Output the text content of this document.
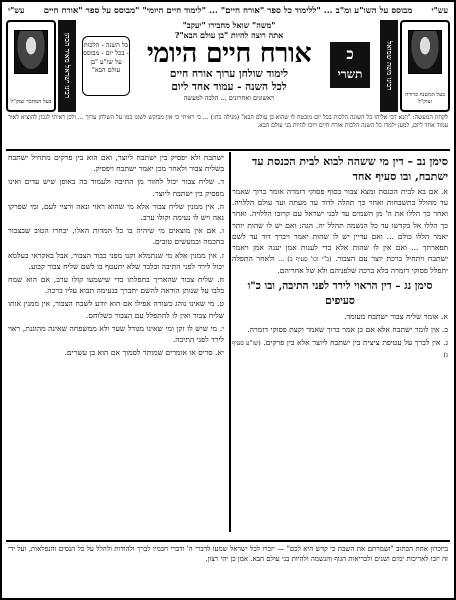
עש"י
מבוסס על השו"ע ומ"ב ... "ללימוד כל ספר "אורח חיים" ... "לימוד חיים היומי" "מבוסס על ספר "אורח חיים
עש"י
בעל המשנה ברורה זצוק"ל
בעל המחבר זצוק"ל
רבינו משה שמואל
רבינו ישראל מאיר הכהן	כ
תשרי
כל השנה - הלכות - בכל יום - מבוסס על שו"ע "בן עולם הבא"
"משה" שואל מחבירו "יעקב"
אתה רוצה להיות "בן עולם הבא"?
אורח חיים היומי
לימוד שולחן ערוך אורח חיים
לכל השנה - עמוד אחד ליום
ראשונים ואחרונים ... הלכה למעשה
לקחת המעשה: "תנא דבי אליהו כל השונה הלכות בכל יום מובטח לו שהוא בן עולם הבא" (מגילה כח:) ... כי ראיתי כי אין מבוקש לשונו כמו על השלחן ערוך ... ולכן ראיתי לנכון להוציא לאור עמוד אחד ליום, למען ילמדו כל השנה הלכות אורח חיים ויזכו להיות בני עולם הבא.
סימן נב – דין מי ששהה לבוא לבית הכנסת עד ישתבח, ובו סעיף אחד
א. אם בא לבית הכנסת ומצא צבור בסוף פסוקי דזמרה אומר ברוך שאמר עד מהולל בתשבחות ואחר כך תהלה לדוד עד מעתה ועד עולם הללויה. ואחר כך הללו את ה' מן השמים עד לבני ישראל עם קרובו הללויה. ואחר כך הללו אל בקדשו עד כל הנשמה תהלל יה. הגה: ואם יש לו שהות יותר יאמר הללו כולם ... ואם עדיין יש לו שהות יאמר ויברך דוד עד לשם תפארתך ... ואם אין לו שהות אלא כדי לענות אמן יענה אמן ויאמר ישתבח ויתחיל ברכת יוצר עם הצבור. (ב"י וכו' סעיף ב) ... ולאחר התפלה יתפלל פסוקי דזמרה בלא ברכה שלפניהם ולא של אחריהם.
סימן נג – דין הראוי לירד לפני התיבה, ובו כ"ו סעיפים
א. אומר שליח צבור ישתבח מעומד.
ב. אין לומר ישתבח אלא אם כן אמר ברוך שאמר וקצת פסוקי דזמרה.
ג. אין לברך על עטיפת ציצית בין ישתבח ליוצר אלא בין פרקים. (שו"ע סעיף ג)
ישתבח ולא יפסיק בין ישתבח ליוצר, ואם הוא בין פרקים מתחיל ישתבח בשליח צבור ולאחר מכן יאמר ישתבח ויפסיק.
ד. שליח צבור יכול לחזור מן התיבה ולעמוד בה באופן שיש עדים ואינו מפסיק בין ישתבח ליוצר.
ה. אין ממנין שליח צבור אלא מי שהוא ראוי ונאה ורצוי לעם, ומי שפרקו נאה ויש לו נעימה וקולו ערב.
ו. אם אין מוצאים מי שיהיה בו כל המדות האלו, יבחרו הטוב שבצבור בחכמה ובמעשים טובים.
ז. אין ממנין אלא מי שנתמלא זקנו מפני כבוד הצבור, אבל באקראי בעלמא יכול לירד לפני התיבה ובלבד שלא יתעטף בו לשם שליח צבור קבוע.
ח. שליח צבור שהאריך בתפלתו כדי שישמעו קולו ערב, אם הוא שמח בלבו על שנותן הודאה להשם יתברך בנעימה תבוא עליו ברכה.
ט. מי שאינו נוהג כשורה אפילו אם הוא יודע לשבח הצבור, אין ממנין אותו שליח צבור ואין לו להתפלל עם הצבור כשלוחם.
י. מי שיש לו זקן ומי שאינו מגודל שער ולא ממשפחה שאינה מהוגנת, ראוי לירד לפני התיבה.
יא. סריס או אומרים שמותר לסמוך אם הוא בן עשרים.
ביזכרון אחת הכתוב "ושמרתם את השבת כי קדש היא לכם" — יזכרו לכל ישראל שמעו לדברי ה' ודברי חכמיו לברך ולהודות ולהלל על כל הנסים והנפלאות, ועל ידי זה יזכו לאריכות ימים ושנים ולבריאות הגוף והנשמה ולהיות בני עולם הבא. אמן כן יהי רצון.
